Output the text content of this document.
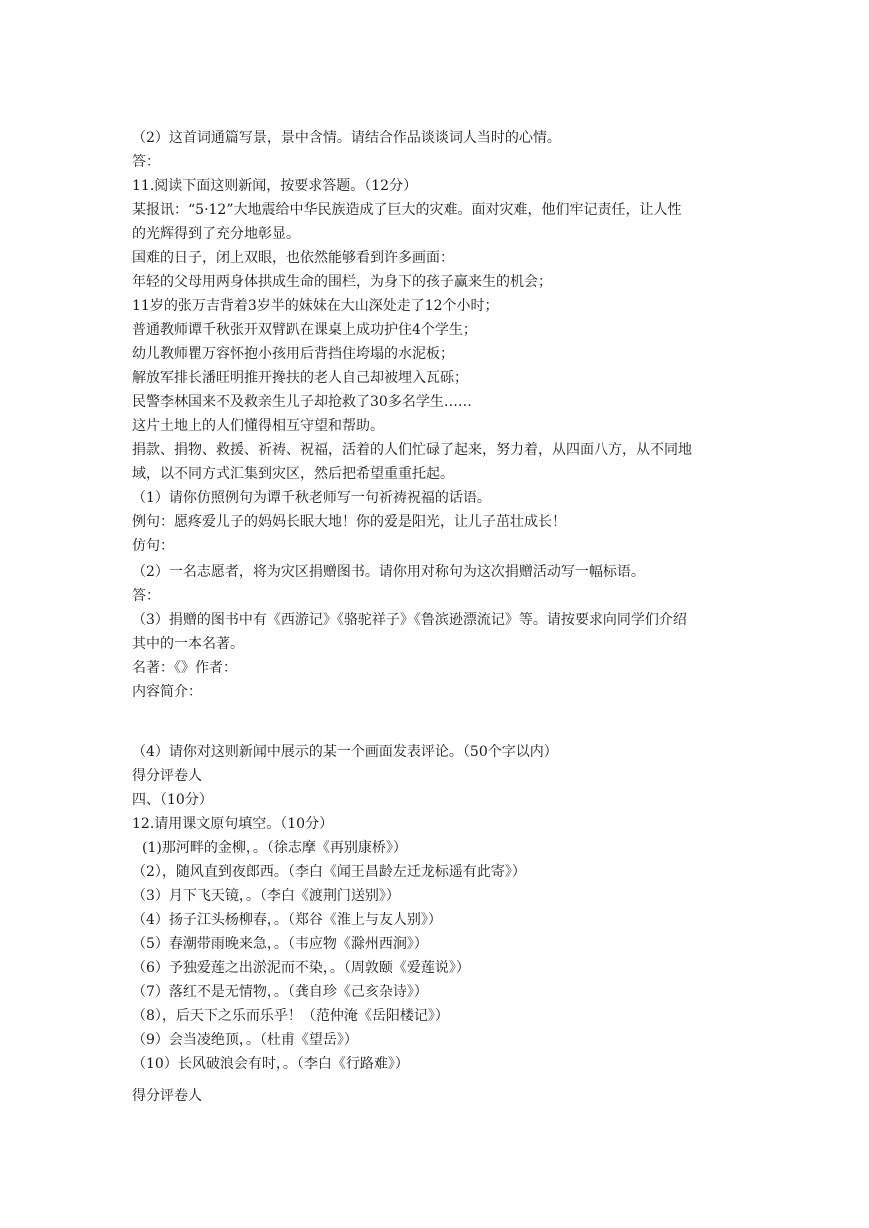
（2）这首词通篇写景，景中含情。请结合作品谈谈词人当时的心情。
答：
11.阅读下面这则新闻，按要求答题。（12分）
某报讯：“5·12”大地震给中华民族造成了巨大的灾难。面对灾难，他们牢记责任，让人性
的光辉得到了充分地彰显。
国难的日子，闭上双眼，也依然能够看到许多画面：
年轻的父母用两身体拱成生命的围栏，为身下的孩子赢来生的机会；
11岁的张万吉背着3岁半的妹妹在大山深处走了12个小时；
普通教师谭千秋张开双臂趴在课桌上成功护住4个学生；
幼儿教师瞿万容怀抱小孩用后背挡住垮塌的水泥板；
解放军排长潘旺明推开搀扶的老人自己却被埋入瓦砾；
民警李林国来不及救亲生儿子却抢救了30多名学生……
这片土地上的人们懂得相互守望和帮助。
捐款、捐物、救援、祈祷、祝福，活着的人们忙碌了起来，努力着，从四面八方，从不同地
域，以不同方式汇集到灾区，然后把希望重重托起。
（1）请你仿照例句为谭千秋老师写一句祈祷祝福的话语。
例句：愿疼爱儿子的妈妈长眠大地！你的爱是阳光，让儿子茁壮成长！
仿句：
（2）一名志愿者，将为灾区捐赠图书。请你用对称句为这次捐赠活动写一幅标语。
答：
（3）捐赠的图书中有《西游记》《骆驼祥子》《鲁滨逊漂流记》等。请按要求向同学们介绍
其中的一本名著。
名著：《》作者：
内容简介：
（4）请你对这则新闻中展示的某一个画面发表评论。（50个字以内）
得分评卷人
四、（10分）
12.请用课文原句填空。（10分）
(1)那河畔的金柳，。（徐志摩《再别康桥》）
（2），随风直到夜郎西。（李白《闻王昌龄左迁龙标遥有此寄》）
（3）月下飞天镜，。（李白《渡荆门送别》）
（4）扬子江头杨柳春，。（郑谷《淮上与友人别》）
（5）春潮带雨晚来急，。（韦应物《滁州西涧》）
（6）予独爱莲之出淤泥而不染，。（周敦颐《爱莲说》）
（7）落红不是无情物，。（龚自珍《己亥杂诗》）
（8），后天下之乐而乐乎！（范仲淹《岳阳楼记》）
（9）会当凌绝顶，。（杜甫《望岳》）
（10）长风破浪会有时，。（李白《行路难》）
得分评卷人
